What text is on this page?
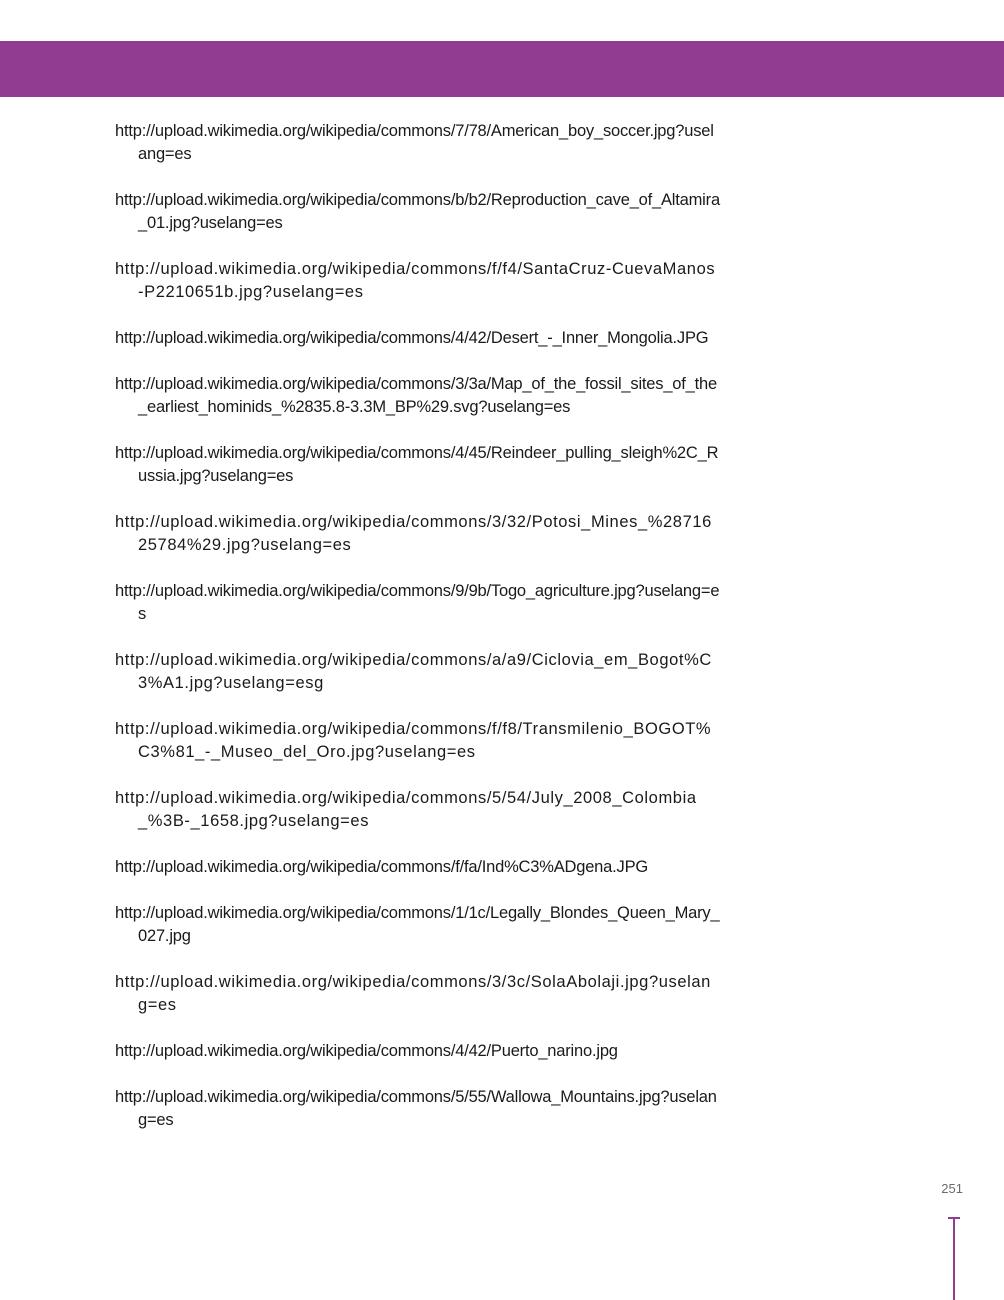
http://upload.wikimedia.org/wikipedia/commons/7/78/American_boy_soccer.jpg?uselang=es
http://upload.wikimedia.org/wikipedia/commons/b/b2/Reproduction_cave_of_Altamira_01.jpg?uselang=es
http://upload.wikimedia.org/wikipedia/commons/f/f4/SantaCruz-CuevaManos-P2210651b.jpg?uselang=es
http://upload.wikimedia.org/wikipedia/commons/4/42/Desert_-_Inner_Mongolia.JPG
http://upload.wikimedia.org/wikipedia/commons/3/3a/Map_of_the_fossil_sites_of_the_earliest_hominids_%2835.8-3.3M_BP%29.svg?uselang=es
http://upload.wikimedia.org/wikipedia/commons/4/45/Reindeer_pulling_sleigh%2C_Russia.jpg?uselang=es
http://upload.wikimedia.org/wikipedia/commons/3/32/Potosi_Mines_%2871625784%29.jpg?uselang=es
http://upload.wikimedia.org/wikipedia/commons/9/9b/Togo_agriculture.jpg?uselang=es
http://upload.wikimedia.org/wikipedia/commons/a/a9/Ciclovia_em_Bogot%C3%A1.jpg?uselang=esg
http://upload.wikimedia.org/wikipedia/commons/f/f8/Transmilenio_BOGOT%C3%81_-_Museo_del_Oro.jpg?uselang=es
http://upload.wikimedia.org/wikipedia/commons/5/54/July_2008_Colombia_%3B-_1658.jpg?uselang=es
http://upload.wikimedia.org/wikipedia/commons/f/fa/Ind%C3%ADgena.JPG
http://upload.wikimedia.org/wikipedia/commons/1/1c/Legally_Blondes_Queen_Mary_027.jpg
http://upload.wikimedia.org/wikipedia/commons/3/3c/SolaAbolaji.jpg?uselang=es
http://upload.wikimedia.org/wikipedia/commons/4/42/Puerto_narino.jpg
http://upload.wikimedia.org/wikipedia/commons/5/55/Wallowa_Mountains.jpg?uselang=es
251
